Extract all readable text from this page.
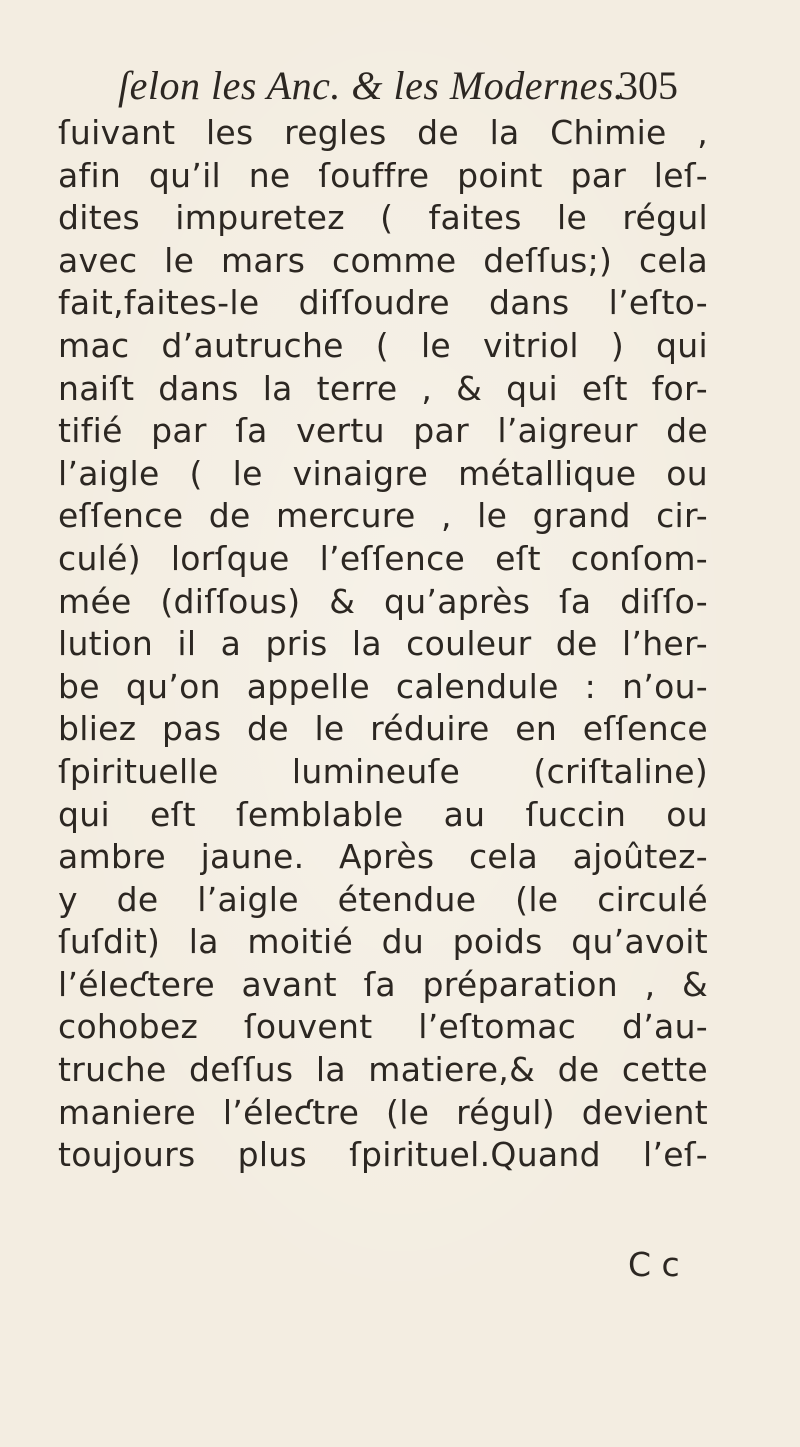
ſelon les Anc. & les Modernes.
305
ſuivant les regles de la Chimie ,
afin qu’il ne ſouffre point par leſ-
dites impuretez ( faites le régul
avec le mars comme deſſus;) cela
fait,faites-le diſſoudre dans l’eſto-
mac d’autruche ( le vitriol ) qui
naiſt dans la terre , & qui eſt for-
tifié par ſa vertu par l’aigreur de
l’aigle ( le vinaigre métallique ou
eſſence de mercure , le grand cir-
culé) lorſque l’eſſence eſt conſom-
mée (diſſous) & qu’après ſa diſſo-
lution il a pris la couleur de l’her-
be qu’on appelle calendule : n’ou-
bliez pas de le réduire en eſſence
ſpirituelle lumineuſe (criſtaline)
qui eſt ſemblable au ſuccin ou
ambre jaune. Après cela ajoûtez-
y de l’aigle étendue (le circulé
ſuſdit) la moitié du poids qu’avoit
l’éleƈtere avant ſa préparation , &
cohobez ſouvent l’eſtomac d’au-
truche deſſus la matiere,& de cette
maniere l’éleƈtre (le régul) devient
toujours plus ſpirituel.Quand l’eſ-
C c
